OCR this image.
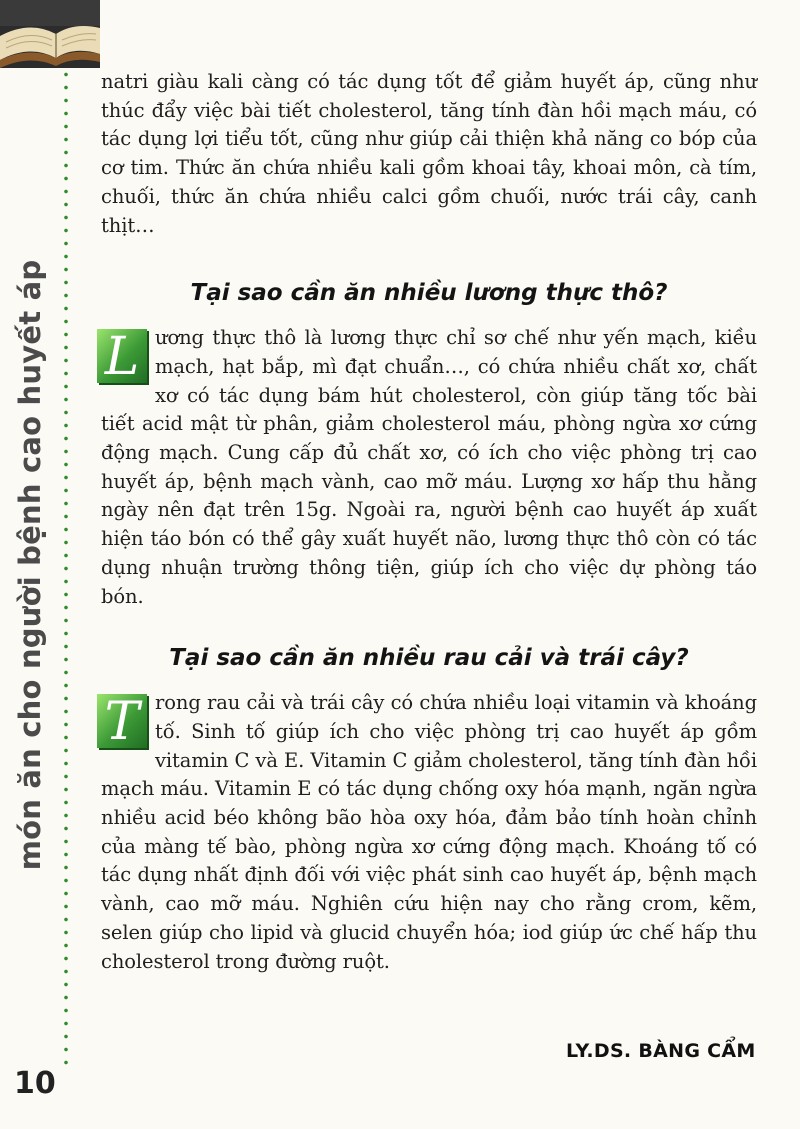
món ăn cho người bệnh cao huyết áp

natri giàu kali càng có tác dụng tốt để giảm huyết áp, cũng như thúc đẩy việc bài tiết cholesterol, tăng tính đàn hồi mạch máu, có tác dụng lợi tiểu tốt, cũng như giúp cải thiện khả năng co bóp của cơ tim. Thức ăn chứa nhiều kali gồm khoai tây, khoai môn, cà tím, chuối, thức ăn chứa nhiều calci gồm chuối, nước trái cây, canh thịt…

Tại sao cần ăn nhiều lương thực thô?
L ương thực thô là lương thực chỉ sơ chế như yến mạch, kiều mạch, hạt bắp, mì đạt chuẩn…, có chứa nhiều chất xơ, chất xơ có tác dụng bám hút cholesterol, còn giúp tăng tốc bài tiết acid mật từ phân, giảm cholesterol máu, phòng ngừa xơ cứng động mạch. Cung cấp đủ chất xơ, có ích cho việc phòng trị cao huyết áp, bệnh mạch vành, cao mỡ máu. Lượng xơ hấp thu hằng ngày nên đạt trên 15g. Ngoài ra, người bệnh cao huyết áp xuất hiện táo bón có thể gây xuất huyết não, lương thực thô còn có tác dụng nhuận trường thông tiện, giúp ích cho việc dự phòng táo bón.

Tại sao cần ăn nhiều rau cải và trái cây?
T rong rau cải và trái cây có chứa nhiều loại vitamin và khoáng tố. Sinh tố giúp ích cho việc phòng trị cao huyết áp gồm vitamin C và E. Vitamin C giảm cholesterol, tăng tính đàn hồi mạch máu. Vitamin E có tác dụng chống oxy hóa mạnh, ngăn ngừa nhiều acid béo không bão hòa oxy hóa, đảm bảo tính hoàn chỉnh của màng tế bào, phòng ngừa xơ cứng động mạch. Khoáng tố có tác dụng nhất định đối với việc phát sinh cao huyết áp, bệnh mạch vành, cao mỡ máu. Nghiên cứu hiện nay cho rằng crom, kẽm, selen giúp cho lipid và glucid chuyển hóa; iod giúp ức chế hấp thu cholesterol trong đường ruột.

LY.DS. BÀNG CẨM
10
